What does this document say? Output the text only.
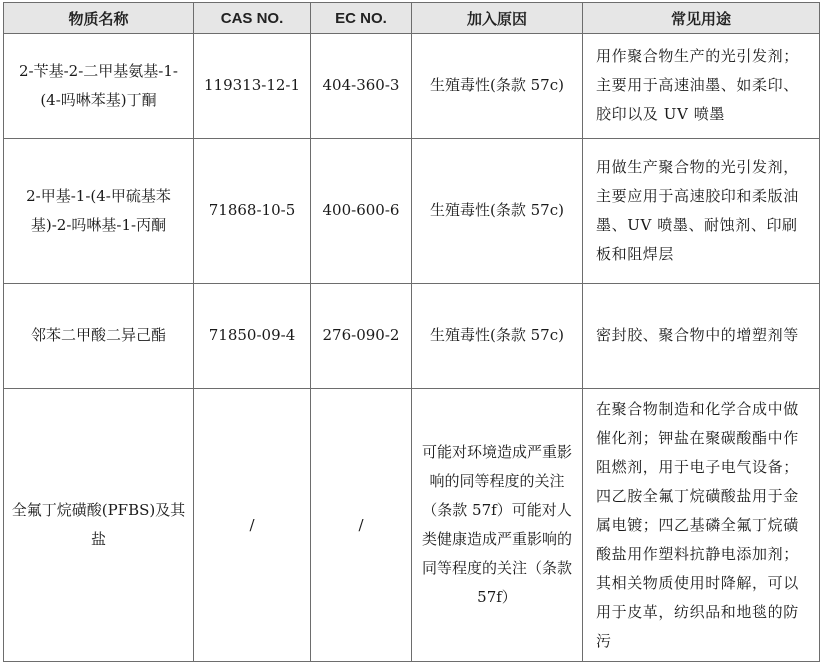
物质名称	CAS NO.	EC NO.	加入原因	常见用途
2-苄基-2-二甲基氨基-1-(4-吗啉苯基)丁酮	119313-12-1	404-360-3	生殖毒性(条款 57c)	用作聚合物生产的光引发剂；主要用于高速油墨、如柔印、胶印以及 UV 喷墨
2-甲基-1-(4-甲硫基苯基)-2-吗啉基-1-丙酮	71868-10-5	400-600-6	生殖毒性(条款 57c)	用做生产聚合物的光引发剂，主要应用于高速胶印和柔版油墨、UV 喷墨、耐蚀剂、印刷板和阻焊层
邻苯二甲酸二异己酯	71850-09-4	276-090-2	生殖毒性(条款 57c)	密封胶、聚合物中的增塑剂等
全氟丁烷磺酸(PFBS)及其盐	/	/	可能对环境造成严重影响的同等程度的关注（条款 57f）可能对人类健康造成严重影响的同等程度的关注（条款 57f）	在聚合物制造和化学合成中做催化剂；钾盐在聚碳酸酯中作阻燃剂，用于电子电气设备；四乙胺全氟丁烷磺酸盐用于金属电镀；四乙基磷全氟丁烷磺酸盐用作塑料抗静电添加剂；其相关物质使用时降解，可以用于皮革，纺织品和地毯的防污
